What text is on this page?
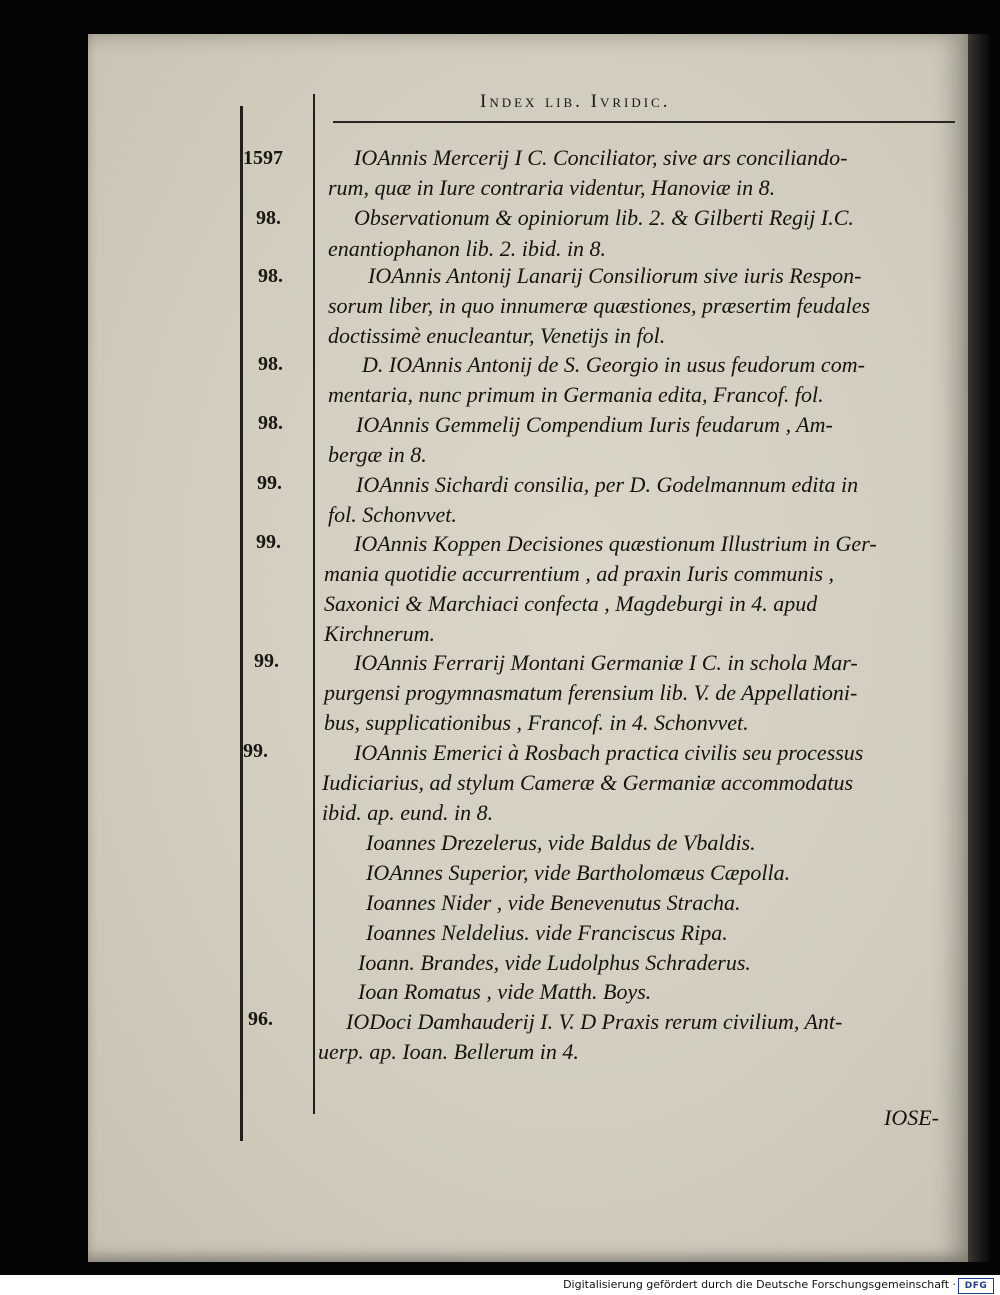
Index lib. Ivridic.
1597	IOAnnis Mercerij I C. Conciliator, sive ars conciliando-
rum, quæ in Iure contraria videntur, Hanoviæ in 8.
98.	Observationum & opiniorum lib. 2. & Gilberti Regij I.C.
enantiophanon lib. 2. ibid. in 8.
98.	IOAnnis Antonij Lanarij Consiliorum sive iuris Respon-
sorum liber, in quo innumeræ quæstiones, præsertim feudales
doctissimè enucleantur, Venetijs in fol.
98.	D. IOAnnis Antonij de S. Georgio in usus feudorum com-
mentaria, nunc primum in Germania edita, Francof. fol.
98.	IOAnnis Gemmelij Compendium Iuris feudarum , Am-
bergæ in 8.
99.	IOAnnis Sichardi consilia, per D. Godelmannum edita in
fol. Schonvvet.
99.	IOAnnis Koppen Decisiones quæstionum Illustrium in Ger-
mania quotidie accurrentium , ad praxin Iuris communis ,
Saxonici & Marchiaci confecta , Magdeburgi in 4. apud
Kirchnerum.
99.	IOAnnis Ferrarij Montani Germaniæ I C. in schola Mar-
purgensi progymnasmatum ferensium lib. V. de Appellationi-
bus, supplicationibus , Francof. in 4. Schonvvet.
99.	IOAnnis Emerici à Rosbach practica civilis seu processus
Iudiciarius, ad stylum Cameræ & Germaniæ accommodatus
ibid. ap. eund. in 8.
Ioannes Drezelerus, vide Baldus de Vbaldis.
IOAnnes Superior, vide Bartholomæus Cæpolla.
Ioannes Nider , vide Benevenutus Stracha.
Ioannes Neldelius. vide Franciscus Ripa.
Ioann. Brandes, vide Ludolphus Schraderus.
Ioan Romatus , vide Matth. Boys.
96.	IODoci Damhauderij I. V. D Praxis rerum civilium, Ant-
uerp. ap. Ioan. Bellerum in 4.
IOSE-
Digitalisierung gefördert durch die Deutsche Forschungsgemeinschaft · DFG
